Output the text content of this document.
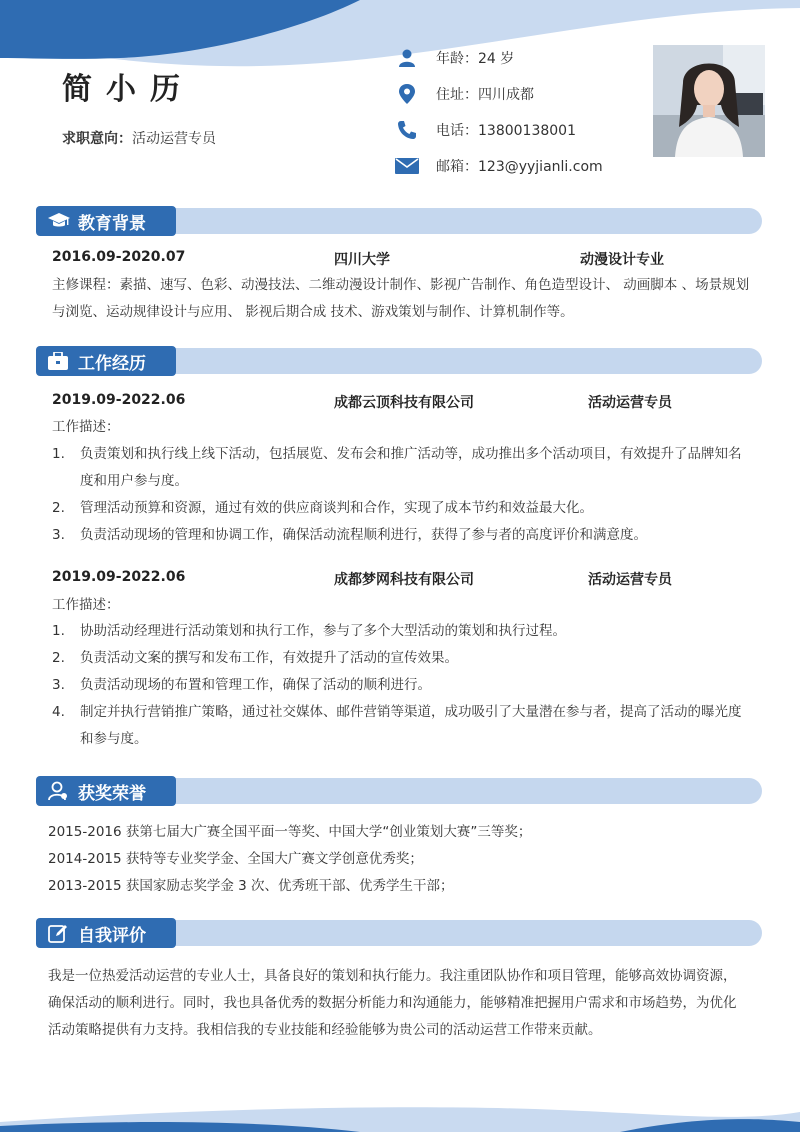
简小历
求职意向：活动运营专员
年龄：24 岁
住址：四川成都
电话：13800138001
邮箱：123@yyjianli.com
教育背景
2016.09-2020.07	四川大学	动漫设计专业
主修课程：素描、速写、色彩、动漫技法、二维动漫设计制作、影视广告制作、角色造型设计、 动画脚本 、场景规划与浏览、运动规律设计与应用、 影视后期合成 技术、游戏策划与制作、计算机制作等。
工作经历
2019.09-2022.06	成都云顶科技有限公司	活动运营专员
工作描述：
1. 负责策划和执行线上线下活动，包括展览、发布会和推广活动等，成功推出多个活动项目，有效提升了品牌知名度和用户参与度。
2. 管理活动预算和资源，通过有效的供应商谈判和合作，实现了成本节约和效益最大化。
3. 负责活动现场的管理和协调工作，确保活动流程顺利进行，获得了参与者的高度评价和满意度。
2019.09-2022.06	成都梦网科技有限公司	活动运营专员
工作描述：
1. 协助活动经理进行活动策划和执行工作，参与了多个大型活动的策划和执行过程。
2. 负责活动文案的撰写和发布工作，有效提升了活动的宣传效果。
3. 负责活动现场的布置和管理工作，确保了活动的顺利进行。
4. 制定并执行营销推广策略，通过社交媒体、邮件营销等渠道，成功吸引了大量潜在参与者，提高了活动的曝光度和参与度。
获奖荣誉
2015-2016 获第七届大广赛全国平面一等奖、中国大学“创业策划大赛”三等奖；
2014-2015 获特等专业奖学金、全国大广赛文学创意优秀奖；
2013-2015 获国家励志奖学金 3 次、优秀班干部、优秀学生干部；
自我评价
我是一位热爱活动运营的专业人士，具备良好的策划和执行能力。我注重团队协作和项目管理，能够高效协调资源，确保活动的顺利进行。同时，我也具备优秀的数据分析能力和沟通能力，能够精准把握用户需求和市场趋势，为优化活动策略提供有力支持。我相信我的专业技能和经验能够为贵公司的活动运营工作带来贡献。
